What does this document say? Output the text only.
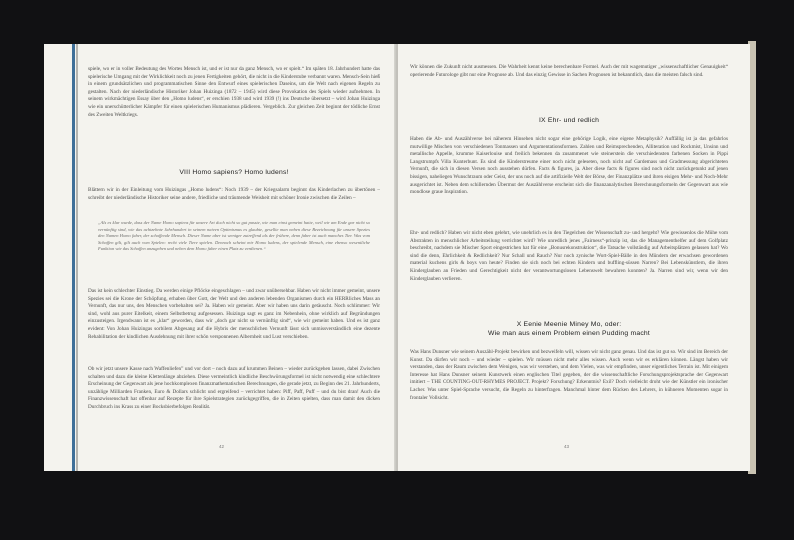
spiele, wo er in voller Bedeutung des Wortes Mensch ist, und er ist nur da ganz Mensch, wo er spielt.“ Im späten 18. Jahrhundert hatte das spielerische Umgang mit der Wirklichkeit noch zu jenen Fertigkeiten gehört, die nicht in die Kinderstube verbannt waren. Mensch-Sein hieß in einem grundsätzlichen und programmatischen Sinne den Entwurf eines spielerischen Daseins, um die Welt nach eigenen Regeln zu gestalten. Nach der niederländische Historiker Johan Huizinga (1872 – 1945) wird diese Provokation des Spiels wieder aufnehmen. In seinem wirkmächtigen Essay über den „Homo ludens“, er erschien 1938 und wird 1939 (!) ins Deutsche übersetzt – wird Johan Huizinga wie ein unerschütterlicher Kämpfer für einen spielerischen Humanismus plädieren. Vergeblich. Zur gleichen Zeit beginnt der tödliche Ernst des Zweiten Weltkriegs.

VIII Homo sapiens? Homo ludens!

Blättern wir in der Einleitung vom Huizingas „Homo ludens“: Noch 1939 – der Kriegsalarm beginnt das Kinderlachen zu übertönen – schreibt der niederländische Historiker seine andere, friedliche und träumende Weisheit mit schöner Ironie zwischen die Zeilen –

„Als es klar wurde, dass der Name Homo sapiens für unsere Art doch nicht so gut passte, wie man einst gemeint hatte, weil wir am Ende gar nicht so vernünftig sind, wie das achtzehnte Jahrhundert in seinem naiven Optimismus es glaubte, gesellte man neben diese Bezeichnung für unsere Spezies den Namen Homo faber, der schaffende Mensch. Dieser Name aber ist weniger zutreffend als der frühere, denn faber ist auch manches Tier. Was vom Schaffen gilt, gilt auch vom Spielen: recht viele Tiere spielen. Dennoch scheint mir Homo ludens, der spielende Mensch, eine ebenso wesentliche Funktion wie das Schaffen anzugeben und neben dem Homo faber einen Platz zu verdienen.“

Das ist kein schlechter Einstieg. Da werden einige Pflöcke eingeschlagen – und zwar unübersehbar. Haben wir nicht immer gemeint, unsere Spezies sei die Krone der Schöpfung, erhaben über Gott, der Welt und den anderen lebenden Organismen durch ein HERRliches Mass an Vernunft, das nur uns, den Menschen vorbehalten sei? Ja. Haben wir gemeint. Aber wir haben uns darin getäuscht. Noch schlimmer: Wir sind, wohl aus purer Eitelkeit, einem Selbstbetrug aufgesessen. Huizinga sagt es ganz im Nebenhein, ohne wirklich auf Begründungen einzusteigen. Irgendwann ist es „klar“ geworden, dass wir „doch gar nicht so vernünftig sind“, wie wir gemeint haben. Und es ist ganz evident: Von Johan Huizingas sorbilem Abgesang auf die Hybris der menschlichen Vernunft lässt sich unmissverständlich eine dezente Rehabilitation der kindlichen Ausdehnung mit ihrer schön versponnenen Albernheit und Lust verschieben.

Ob wir jetzt unsere Kasse nach Waffenliefen” und vor dort – noch dazu auf krummen Beinen – wieder zurückgehen lassen, dabei Zwischen schalten und dazu die kleine Klettenlänge abziehen. Diese vermeintlich kindliche Beschwörungsformel ist nicht notwendig eine schlechtere Erscheinung der Gegenwart als jene hochkomplexen finanzmathematischen Berechnungen, die gerade jetzt, zu Beginn des 21. Jahrhunderts, unzählige Milliarden Franken, Euro & Dollars schlicht und ergreifend – verrichtet haben: Piff, Paff, Puff – und du bist dran! Auch die Finanzwissenschaft hat offenbar auf Rezepte für ihre Spielstrategien zurückgegriffen, die in Zeiten spielten, dass man damit den dicken Durchbruch ins Krass zu einer Bocksbierbefolgen Realität.

42

Wir können die Zukunft nicht ausmessen. Die Wahrheit kennt keine berechenbare Formel. Auch der mit wagemutiger „wissenschaftlicher Genauigkeit“ operierende Futurologe gibt nur eine Prognose ab. Und das einzig Gewisse in Sachen Prognosen ist bekanntlich, dass die meisten falsch sind.

IX Ehr- und redlich

Haben die Ab- und Auszählverse bei näherem Hinsehen nicht sogar eine gehörige Logik, eine eigene Metaphysik? Auffällig ist ja das gefahrlos mutwillige Mischen von verschiedenen Tonmassen und Argumentationsformen. Zahlen und Reimsprechenden, Alliteration und Rockmist, Unsinn und metallische Appelle, krumme Kaiserlouise und freilich bekennen da zusammenet wie steinerstein die verschiedensten farbenen Socken in Pippi Langstrumpfs Villa Kunterbunt. Es sind die Kinderstreume einer noch nicht geleseten, noch nicht auf Gardemass und Gradmessung abgerichteten Vernunft, die sich in diesen Versen noch ausstehen dürfen. Facts & figures, ja. Aber diese facts & figures sind noch nicht zurückgetunkt auf jenen bissigen, naheliegen Wunschtraum oder Geist, der uns noch auf die artifizielle Welt der Börse, der Finanzplätze und ihren eisigen Mehr- und Noch-Mehr ausgerichtet ist. Neben dem schillernden Übermut der Auszählverse erscheint sich die finanzanalytischen Berechnungsformeln der Gegenwart aus wie mondlose graue Inspiration.

Ehr- und redlich? Haben wir nicht eben gelehrt, wie unehrlich es in den Tiegelchen der Wissenschaft zu- und hergeht? Wie gewissenlos die Mühe vom Abstrakten in menschlicher Arbeitsteilung verrichtet wird? Wie unredlich jenes „Fairness“-prinzip ist, das die Managementhelfer auf dem Golfplatz beschreibt, nachdem sie Mischer Sport eingestrichen hat für eine „Bonusrekonstruktion“, die Tatsache vollständig auf Arbeitsplätzen gelassen hat? Wo sind die denn, Ehrlichkeit & Redlichkeit? Nur Schall und Rauch? Nur noch zynische Wort-Spiel-Bälle in den Mündern der erwachsen gewordenen material kuchens girls & boys von heute? Finden sie sich noch bei echten Kindern und buffling-süssen Narren? Bei Lebenskünstlern, die ihren Kinderglauben an Frieden und Gerechtigkeit nicht der verantwortungslosen Lebenswelt bewahren konnten? Ja. Narren sind wir, wenn wir den Kinderglauben verlieren.

X Eenie Meenie Miney Mo, oder:
Wie man aus einem Problem einen Pudding macht

Was Hans Dunsner wie seinem Auszähl-Projekt bewirken und bezweifeln will, wissen wir nicht ganz genau. Und das ist gut so. Wir sind im Bereich der Kunst. Da dürfen wir noch – und wieder – spielen. Wir müssen nicht mehr alles wissen. Auch wenn wir es erklären können. Längst haben wir verstanden, dass der Raum zwischen dem Wenigen, was wir verstehen, und dem Vielen, was wir empfinden, unser eigentliches Terrain ist. Mit einigem Interesse hat Hans Dunsner seinem Kunstwerk einen englischen Titel gegeben, der die wissenschaftliche Forschungsprojektsprache der Gegenwart imitiert – THE COUNTING-OUT-RHYMES PROJECT. Projekt? Forschung? Erkenntnis? Exil? Doch vielleicht droht wie der Künstler ein ironischer Lacher. Was unter Spiel-Sprache versucht, die Regeln zu hinterfragen. Manchmal hinter dem Rücken des Lehrers, in kühneren Momenten sogar in frontaler Vollsicht.

43
